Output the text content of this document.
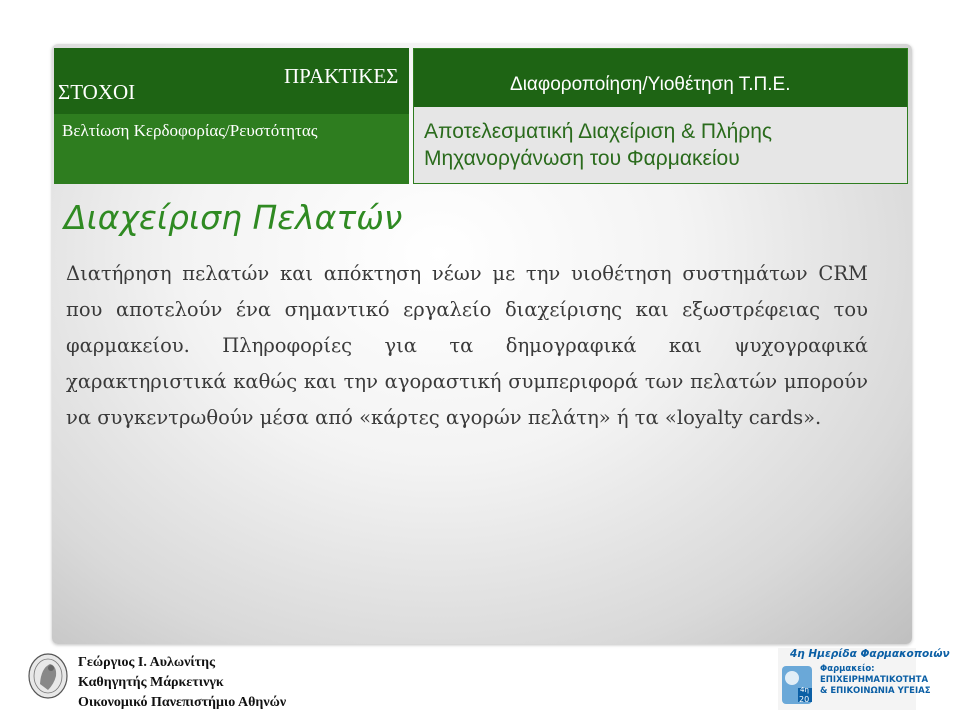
ΣΤΟΧΟΙ
ΠΡΑΚΤΙΚΕΣ
Βελτίωση Κερδοφορίας/Ρευστότητας
Διαφοροποίηση/Υιοθέτηση Τ.Π.Ε.
Αποτελεσματική Διαχείριση & Πλήρης Μηχανοργάνωση του Φαρμακείου
Διαχείριση Πελατών
Διατήρηση πελατών και απόκτηση νέων με την υιοθέτηση συστημάτων CRM που αποτελούν ένα σημαντικό εργαλείο διαχείρισης και εξωστρέφειας του φαρμακείου. Πληροφορίες για τα δημογραφικά και ψυχογραφικά χαρακτηριστικά καθώς και την αγοραστική συμπεριφορά των πελατών μπορούν να συγκεντρωθούν μέσα από «κάρτες αγορών πελάτη» ή τα «loyalty cards».
Γεώργιος Ι. Αυλωνίτης
Καθηγητής Μάρκετινγκ
Οικονομικό Πανεπιστήμιο Αθηνών
4η Ημερίδα Φαρμακοποιών
4η
20
Φαρμακείο:
ΕΠΙΧΕΙΡΗΜΑΤΙΚΟΤΗΤΑ
& ΕΠΙΚΟΙΝΩΝΙΑ ΥΓΕΙΑΣ
